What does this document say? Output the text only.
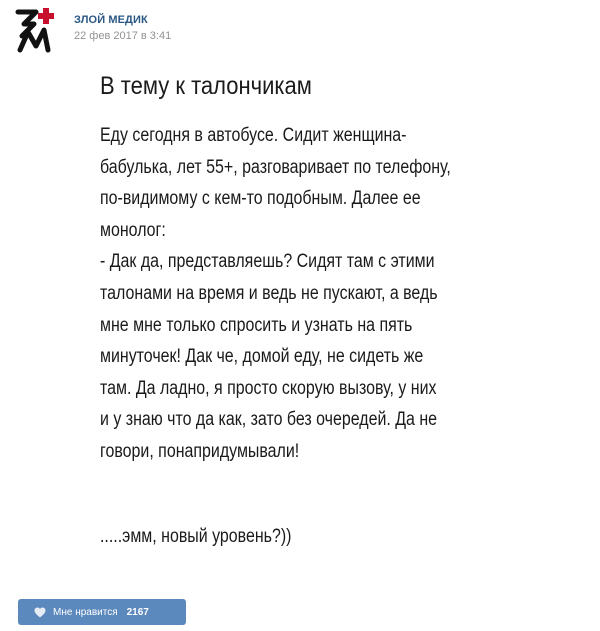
ЗЛОЙ МЕДИК
22 фев 2017 в 3:41
В тему к талончикам
Еду сегодня в автобусе. Сидит женщина-
бабулька, лет 55+, разговаривает по телефону,
по-видимому с кем-то подобным. Далее ее
монолог:
- Дак да, представляешь? Сидят там с этими
талонами на время и ведь не пускают, а ведь
мне мне только спросить и узнать на пять
минуточек! Дак че, домой еду, не сидеть же
там. Да ладно, я просто скорую вызову, у них
и у знаю что да как, зато без очередей. Да не
говори, понапридумывали!
.....эмм, новый уровень?))
Мне нравится 2167
